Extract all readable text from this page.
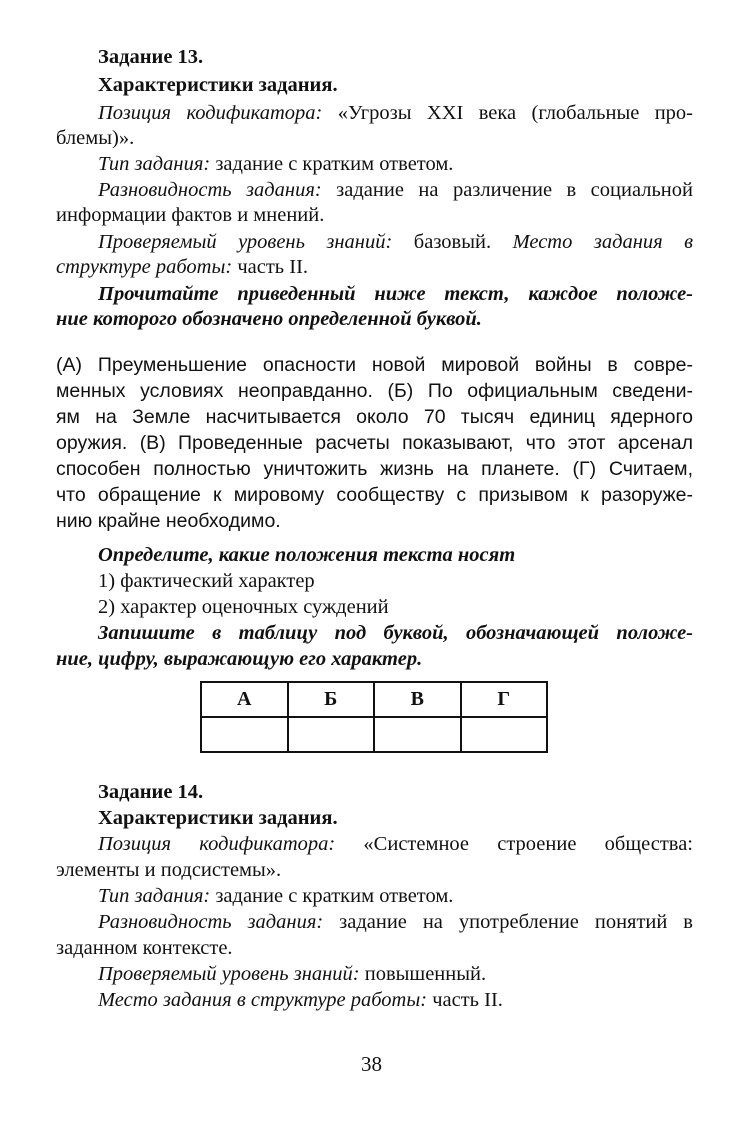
Задание 13.
Характеристики задания.
Позиция кодификатора: «Угрозы XXI века (глобальные про-
блемы)».
Тип задания: задание с кратким ответом.
Разновидность задания: задание на различение в социальной
информации фактов и мнений.
Проверяемый уровень знаний: базовый. Место задания в
структуре работы: часть II.
Прочитайте приведенный ниже текст, каждое положе-
ние которого обозначено определенной буквой.
(А) Преуменьшение опасности новой мировой войны в совре-
менных условиях неоправданно. (Б) По официальным сведени-
ям на Земле насчитывается около 70 тысяч единиц ядерного
оружия. (В) Проведенные расчеты показывают, что этот арсенал
способен полностью уничтожить жизнь на планете. (Г) Считаем,
что обращение к мировому сообществу с призывом к разоруже-
нию крайне необходимо.
Определите, какие положения текста носят
1) фактический характер
2) характер оценочных суждений
Запишите в таблицу под буквой, обозначающей положе-
ние, цифру, выражающую его характер.
А	Б	В	Г

Задание 14.
Характеристики задания.
Позиция кодификатора: «Системное строение общества:
элементы и подсистемы».
Тип задания: задание с кратким ответом.
Разновидность задания: задание на употребление понятий в
заданном контексте.
Проверяемый уровень знаний: повышенный.
Место задания в структуре работы: часть II.
38
